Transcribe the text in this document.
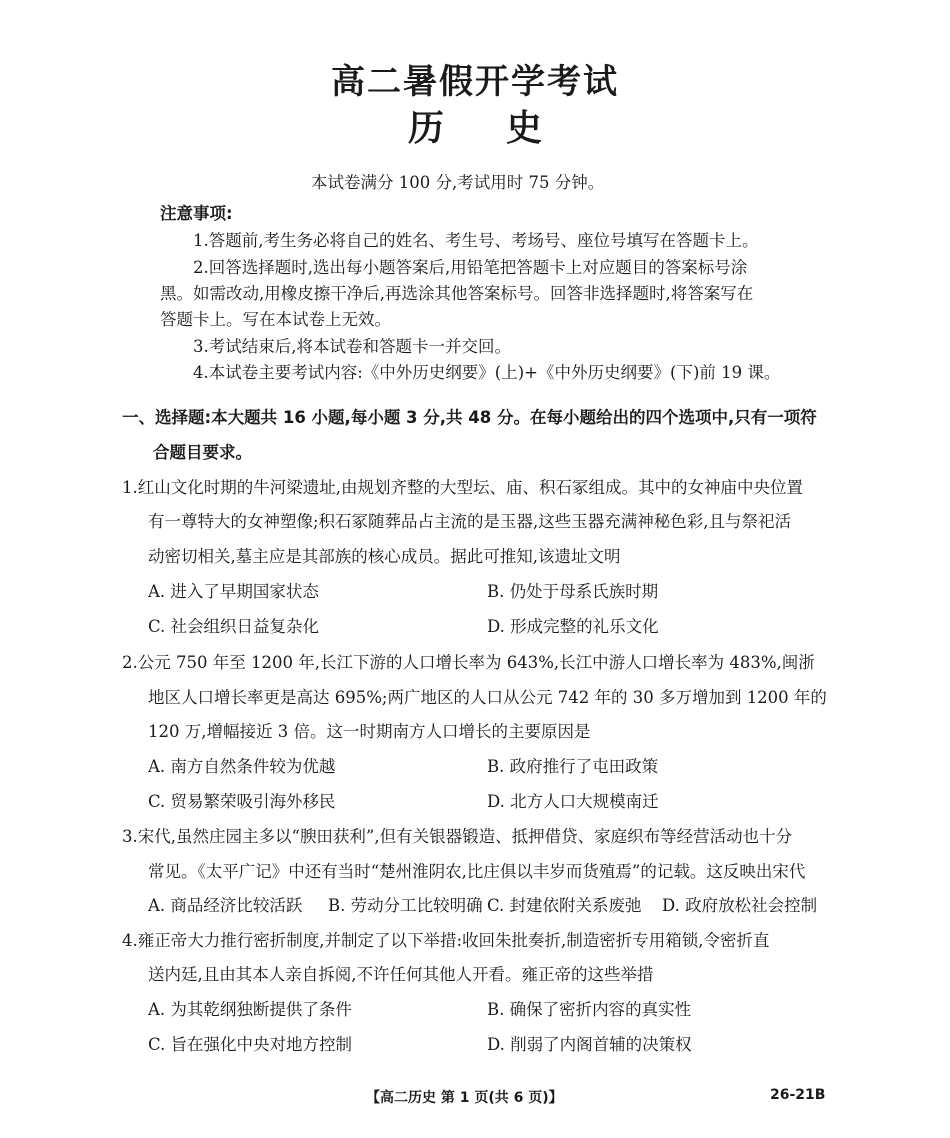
高二暑假开学考试
历史
本试卷满分 100 分,考试用时 75 分钟。
注意事项:
1.答题前,考生务必将自己的姓名、考生号、考场号、座位号填写在答题卡上。
2.回答选择题时,选出每小题答案后,用铅笔把答题卡上对应题目的答案标号涂
黑。如需改动,用橡皮擦干净后,再选涂其他答案标号。回答非选择题时,将答案写在
答题卡上。写在本试卷上无效。
3.考试结束后,将本试卷和答题卡一并交回。
4.本试卷主要考试内容:《中外历史纲要》(上)+《中外历史纲要》(下)前 19 课。
一、选择题:本大题共 16 小题,每小题 3 分,共 48 分。在每小题给出的四个选项中,只有一项符
合题目要求。
1.红山文化时期的牛河梁遗址,由规划齐整的大型坛、庙、积石冢组成。其中的女神庙中央位置
有一尊特大的女神塑像;积石冢随葬品占主流的是玉器,这些玉器充满神秘色彩,且与祭祀活
动密切相关,墓主应是其部族的核心成员。据此可推知,该遗址文明
A. 进入了早期国家状态	B. 仍处于母系氏族时期
C. 社会组织日益复杂化	D. 形成完整的礼乐文化
2.公元 750 年至 1200 年,长江下游的人口增长率为 643%,长江中游人口增长率为 483%,闽浙
地区人口增长率更是高达 695%;两广地区的人口从公元 742 年的 30 多万增加到 1200 年的
120 万,增幅接近 3 倍。这一时期南方人口增长的主要原因是
A. 南方自然条件较为优越	B. 政府推行了屯田政策
C. 贸易繁荣吸引海外移民	D. 北方人口大规模南迁
3.宋代,虽然庄园主多以“腴田获利”,但有关银器锻造、抵押借贷、家庭织布等经营活动也十分
常见。《太平广记》中还有当时“楚州淮阴农,比庄俱以丰岁而货殖焉”的记载。这反映出宋代
A. 商品经济比较活跃 B. 劳动分工比较明确 C. 封建依附关系废弛 D. 政府放松社会控制
4.雍正帝大力推行密折制度,并制定了以下举措:收回朱批奏折,制造密折专用箱锁,令密折直
送内廷,且由其本人亲自拆阅,不许任何其他人开看。雍正帝的这些举措
A. 为其乾纲独断提供了条件	B. 确保了密折内容的真实性
C. 旨在强化中央对地方控制	D. 削弱了内阁首辅的决策权
【高二历史 第 1 页(共 6 页)】	26-21B
